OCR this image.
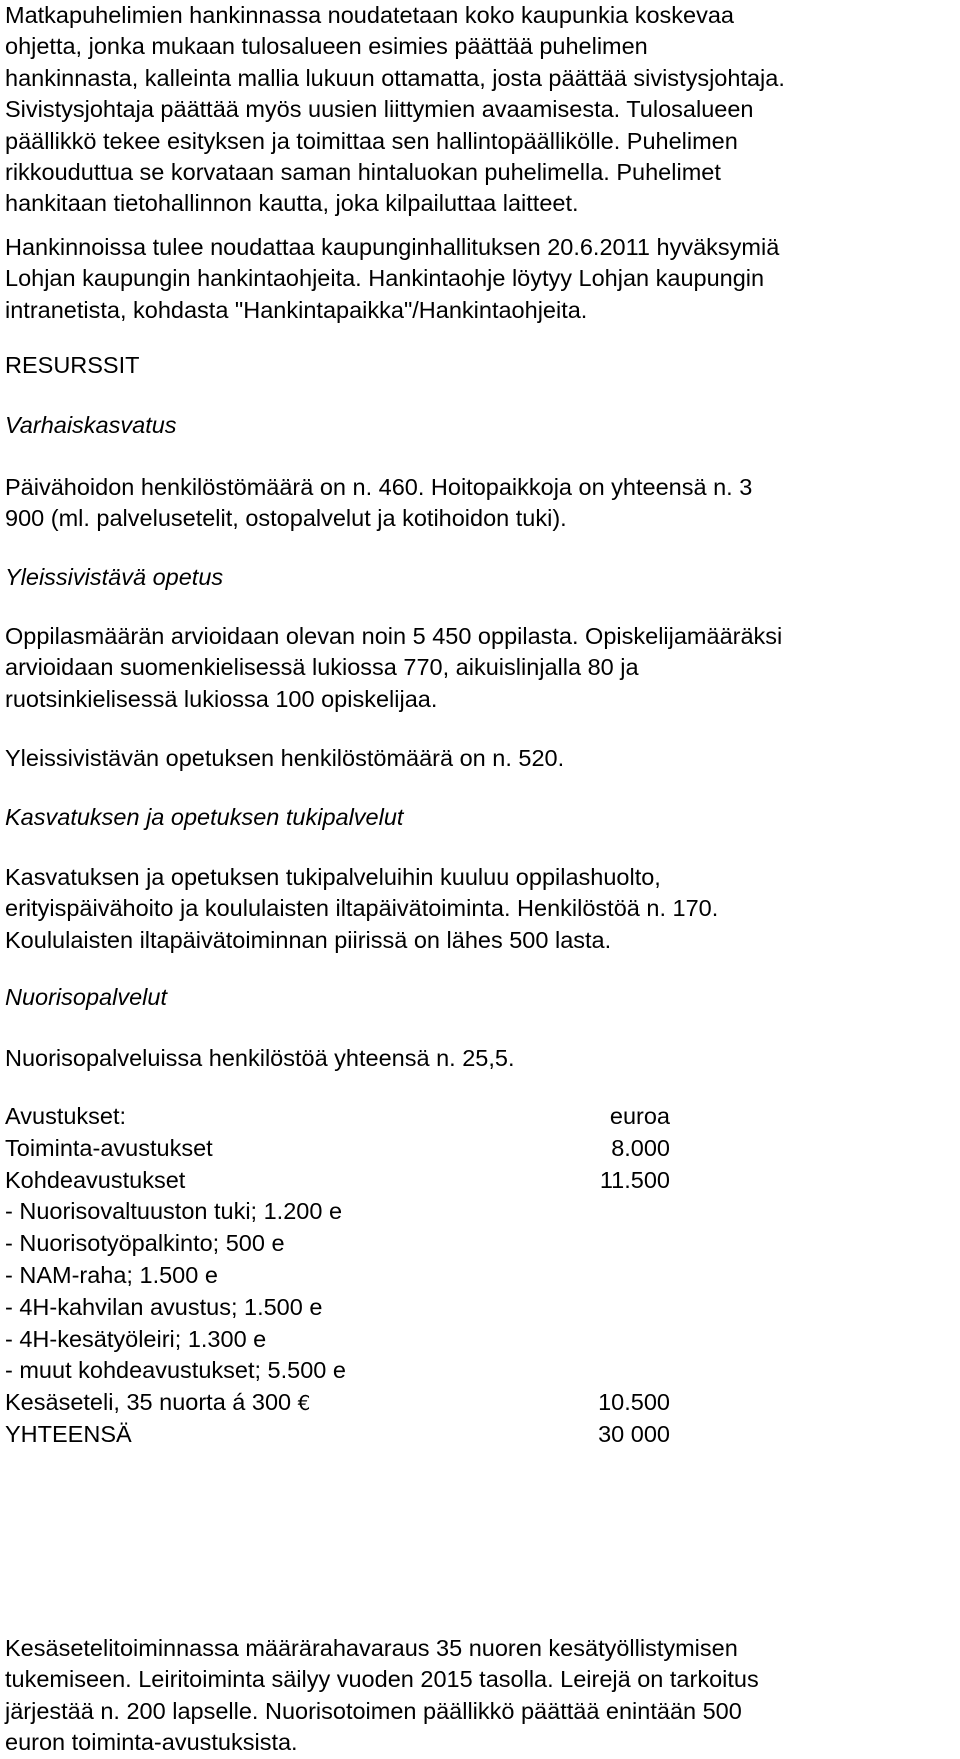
Matkapuhelimien hankinnassa noudatetaan koko kaupunkia koskevaa
ohjetta, jonka mukaan tulosalueen esimies päättää puhelimen
hankinnasta, kalleinta mallia lukuun ottamatta, josta päättää sivistysjohtaja.
Sivistysjohtaja päättää myös uusien liittymien avaamisesta. Tulosalueen
päällikkö tekee esityksen ja toimittaa sen hallintopäällikölle. Puhelimen
rikkouduttua se korvataan saman hintaluokan puhelimella. Puhelimet
hankitaan tietohallinnon kautta, joka kilpailuttaa laitteet.
Hankinnoissa tulee noudattaa kaupunginhallituksen 20.6.2011 hyväksymiä
Lohjan kaupungin hankintaohjeita. Hankintaohje löytyy Lohjan kaupungin
intranetista, kohdasta "Hankintapaikka"/Hankintaohjeita.
RESURSSIT
Varhaiskasvatus
Päivähoidon henkilöstömäärä on n. 460. Hoitopaikkoja on yhteensä n. 3
900 (ml. palvelusetelit, ostopalvelut ja kotihoidon tuki).
Yleissivistävä opetus
Oppilasmäärän arvioidaan olevan noin 5 450 oppilasta. Opiskelijamääräksi
arvioidaan suomenkielisessä lukiossa 770, aikuislinjalla 80 ja
ruotsinkielisessä lukiossa 100 opiskelijaa.
Yleissivistävän opetuksen henkilöstömäärä on n. 520.
Kasvatuksen ja opetuksen tukipalvelut
Kasvatuksen ja opetuksen tukipalveluihin kuuluu oppilashuolto,
erityispäivähoito ja koululaisten iltapäivätoiminta. Henkilöstöä n. 170.
Koululaisten iltapäivätoiminnan piirissä on lähes 500 lasta.
Nuorisopalvelut
Nuorisopalveluissa henkilöstöä yhteensä n. 25,5.
Avustukset:	euroa
Toiminta-avustukset	8.000
Kohdeavustukset	11.500
- Nuorisovaltuuston tuki; 1.200 e
- Nuorisotyöpalkinto; 500 e
- NAM-raha; 1.500 e
- 4H-kahvilan avustus; 1.500 e
- 4H-kesätyöleiri; 1.300 e
- muut kohdeavustukset; 5.500 e
Kesäseteli, 35 nuorta á 300 €	10.500
YHTEENSÄ	30 000
Kesäsetelitoiminnassa määrärahavaraus 35 nuoren kesätyöllistymisen
tukemiseen. Leiritoiminta säilyy vuoden 2015 tasolla. Leirejä on tarkoitus
järjestää n. 200 lapselle. Nuorisotoimen päällikkö päättää enintään 500
euron toiminta-avustuksista.
